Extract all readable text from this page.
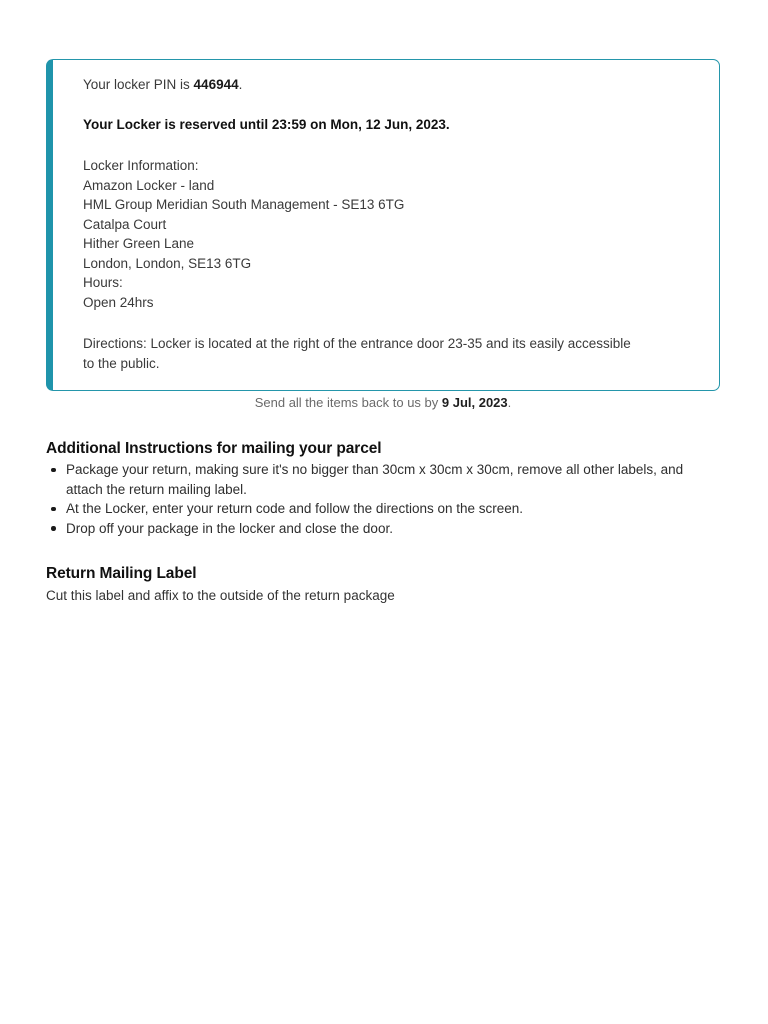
Your locker PIN is 446944.

Your Locker is reserved until 23:59 on Mon, 12 Jun, 2023.

Locker Information:
Amazon Locker - land
HML Group Meridian South Management - SE13 6TG
Catalpa Court
Hither Green Lane
London, London, SE13 6TG
Hours:
Open 24hrs

Directions: Locker is located at the right of the entrance door 23-35 and its easily accessible to the public.

Send all the items back to us by 9 Jul, 2023.
Additional Instructions for mailing your parcel
Package your return, making sure it's no bigger than 30cm x 30cm x 30cm, remove all other labels, and attach the return mailing label.
At the Locker, enter your return code and follow the directions on the screen.
Drop off your package in the locker and close the door.
Return Mailing Label
Cut this label and affix to the outside of the return package
